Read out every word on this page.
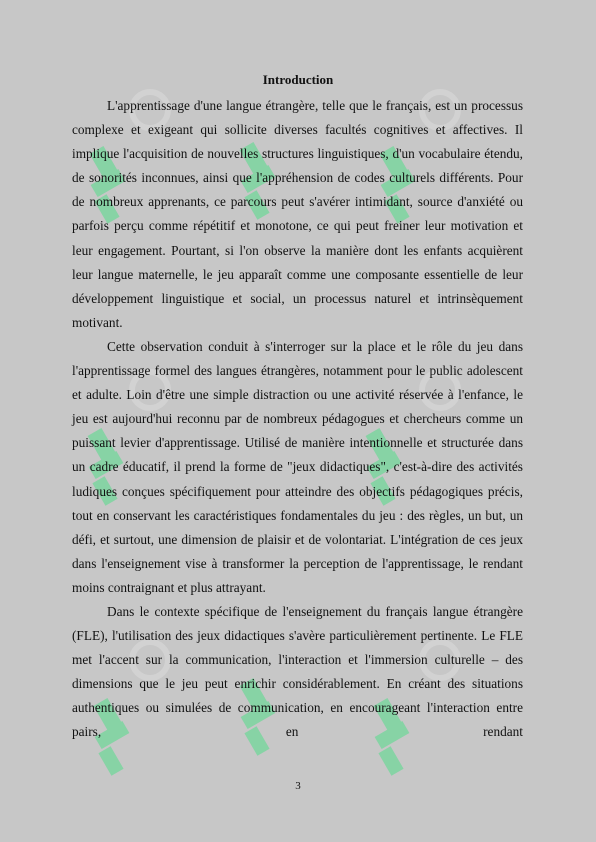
Introduction

L'apprentissage d'une langue étrangère, telle que le français, est un processus complexe et exigeant qui sollicite diverses facultés cognitives et affectives. Il implique l'acquisition de nouvelles structures linguistiques, d'un vocabulaire étendu, de sonorités inconnues, ainsi que l'appréhension de codes culturels différents. Pour de nombreux apprenants, ce parcours peut s'avérer intimidant, source d'anxiété ou parfois perçu comme répétitif et monotone, ce qui peut freiner leur motivation et leur engagement. Pourtant, si l'on observe la manière dont les enfants acquièrent leur langue maternelle, le jeu apparaît comme une composante essentielle de leur développement linguistique et social, un processus naturel et intrinsèquement motivant.

Cette observation conduit à s'interroger sur la place et le rôle du jeu dans l'apprentissage formel des langues étrangères, notamment pour le public adolescent et adulte. Loin d'être une simple distraction ou une activité réservée à l'enfance, le jeu est aujourd'hui reconnu par de nombreux pédagogues et chercheurs comme un puissant levier d'apprentissage. Utilisé de manière intentionnelle et structurée dans un cadre éducatif, il prend la forme de "jeux didactiques", c'est-à-dire des activités ludiques conçues spécifiquement pour atteindre des objectifs pédagogiques précis, tout en conservant les caractéristiques fondamentales du jeu : des règles, un but, un défi, et surtout, une dimension de plaisir et de volontariat. L'intégration de ces jeux dans l'enseignement vise à transformer la perception de l'apprentissage, le rendant moins contraignant et plus attrayant.

Dans le contexte spécifique de l'enseignement du français langue étrangère (FLE), l'utilisation des jeux didactiques s'avère particulièrement pertinente. Le FLE met l'accent sur la communication, l'interaction et l'immersion culturelle – des dimensions que le jeu peut enrichir considérablement. En créant des situations authentiques ou simulées de communication, en encourageant l'interaction entre pairs, en rendant

3
